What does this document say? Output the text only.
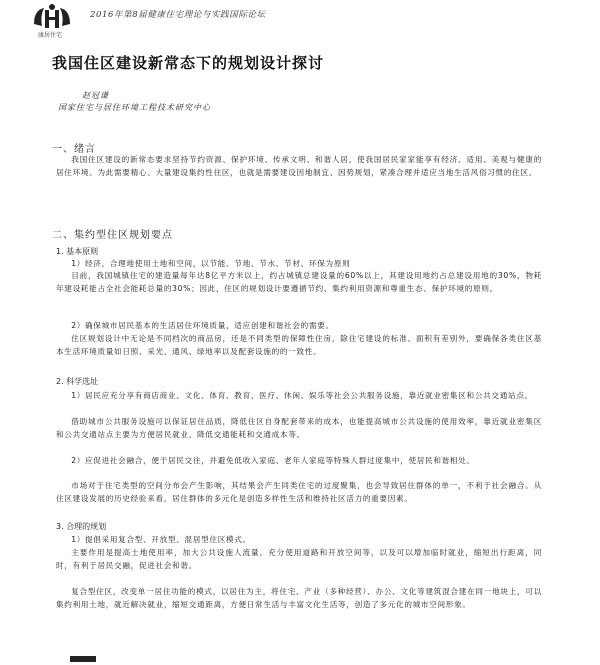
康居住宅
2016年第8届健康住宅理论与实践国际论坛
我国住区建设新常态下的规划设计探讨
赵冠谦
国家住宅与居住环境工程技术研究中心
一、绪言

我国住区建设的新常态要求坚持节约资源、保护环境、传承文明、和谐人居，使我国居民家家能享有经济、适用、美观与健康的居住环境。为此需要精心、大量建设集约性住区，也就是需要建设因地制宜、因势规划，紧凑合理并适应当地生活风俗习惯的住区。

二、集约型住区规划要点
1. 基本原则

1）经济，合理地使用土地和空间，以节能、节地、节水、节材、环保为原则

目前，我国城镇住宅的建造量每年达8亿平方米以上，约占城镇总建设量的60%以上，其建设用地约占总建设用地的30%，物耗年建设耗能占全社会能耗总量的30%；因此，住区的规划设计要遵循节约、集约利用资源和尊重生态、保护环境的原则。

2）确保城市居民基本的生活居住环境质量，适应创建和谐社会的需要。

住区规划设计中无论是不同档次的商品房，还是不同类型的保障性住房，除住宅建设的标准、面积有差别外，要确保各类住区基本生活环境质量如日照、采光、通风、绿地率以及配套设施的的一致性。

2. 科学选址

1）居民应充分享有商店商业、文化、体育、教育、医疗、休闲、娱乐等社会公共服务设施，靠近就业密集区和公共交通站点。

借助城市公共服务设施可以保证居住品质，降低住区自身配套带来的成本，也能提高城市公共设施的使用效率，靠近就业密集区和公共交通站点主要为方便居民就业，降低交通能耗和交通成本等。

2）应促进社会融合，便于居民交往，并避免低收入家庭、老年人家庭等特殊人群过度集中，使居民和谐相处。

市场对于住宅类型的空间分布会产生影响，其结果会产生同类住宅的过度聚集，也会导致居住群体的单一，不利于社会融合。从住区建设发展的历史经验来看，居住群体的多元化是创造多样性生活和维持社区活力的重要因素。

3. 合理的规划

1）提倡采用复合型、开放型、混居型住区模式。

主要作用是提高土地使用率，加大公共设施人流量，充分使用道路和开放空间等，以及可以增加临时就业，缩短出行距离，同时，有利于居民交融，促进社会和谐。

复合型住区，改变单一居住功能的模式，以居住为主，将住宅、产业（多种经营）、办公、文化等建筑混合建在同一地块上，可以集约利用土地，就近解决就业，缩短交通距离，方便日常生活与丰富文化生活等，创造了多元化的城市空间形象。
